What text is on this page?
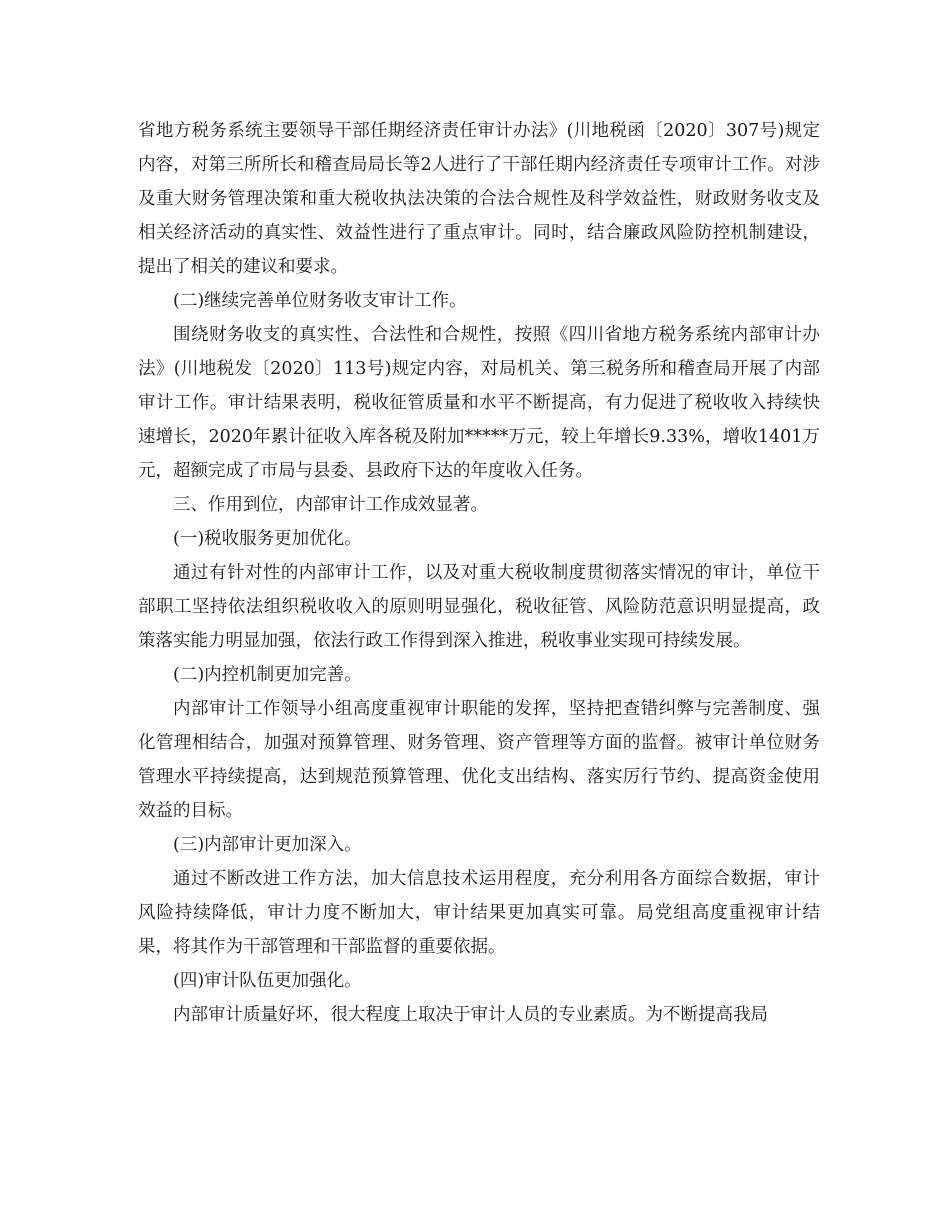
省地方税务系统主要领导干部任期经济责任审计办法》(川地税函〔2020〕307号)规定内容，对第三所所长和稽查局局长等2人进行了干部任期内经济责任专项审计工作。对涉及重大财务管理决策和重大税收执法决策的合法合规性及科学效益性，财政财务收支及相关经济活动的真实性、效益性进行了重点审计。同时，结合廉政风险防控机制建设，提出了相关的建议和要求。

(二)继续完善单位财务收支审计工作。

围绕财务收支的真实性、合法性和合规性，按照《四川省地方税务系统内部审计办法》(川地税发〔2020〕113号)规定内容，对局机关、第三税务所和稽查局开展了内部审计工作。审计结果表明，税收征管质量和水平不断提高，有力促进了税收收入持续快速增长，2020年累计征收入库各税及附加*****万元，较上年增长9.33%，增收1401万元，超额完成了市局与县委、县政府下达的年度收入任务。

三、作用到位，内部审计工作成效显著。

(一)税收服务更加优化。

通过有针对性的内部审计工作，以及对重大税收制度贯彻落实情况的审计，单位干部职工坚持依法组织税收收入的原则明显强化，税收征管、风险防范意识明显提高，政策落实能力明显加强，依法行政工作得到深入推进，税收事业实现可持续发展。

(二)内控机制更加完善。

内部审计工作领导小组高度重视审计职能的发挥，坚持把查错纠弊与完善制度、强化管理相结合，加强对预算管理、财务管理、资产管理等方面的监督。被审计单位财务管理水平持续提高，达到规范预算管理、优化支出结构、落实厉行节约、提高资金使用效益的目标。

(三)内部审计更加深入。

通过不断改进工作方法，加大信息技术运用程度，充分利用各方面综合数据，审计风险持续降低，审计力度不断加大，审计结果更加真实可靠。局党组高度重视审计结果，将其作为干部管理和干部监督的重要依据。

(四)审计队伍更加强化。

内部审计质量好坏，很大程度上取决于审计人员的专业素质。为不断提高我局
